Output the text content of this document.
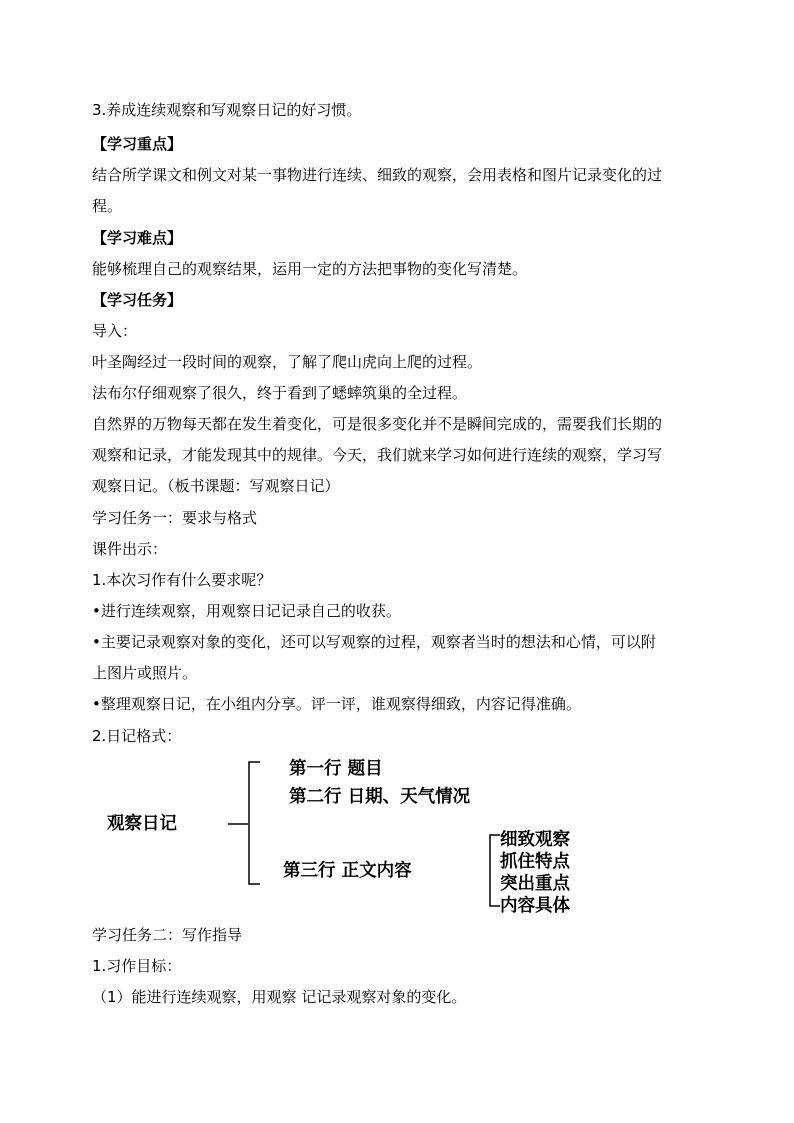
3.养成连续观察和写观察日记的好习惯。
【学习重点】
结合所学课文和例文对某一事物进行连续、细致的观察，会用表格和图片记录变化的过
程。
【学习难点】
能够梳理自己的观察结果，运用一定的方法把事物的变化写清楚。
【学习任务】
导入：
叶圣陶经过一段时间的观察，了解了爬山虎向上爬的过程。
法布尔仔细观察了很久，终于看到了蟋蟀筑巢的全过程。
自然界的万物每天都在发生着变化，可是很多变化并不是瞬间完成的，需要我们长期的
观察和记录，才能发现其中的规律。今天，我们就来学习如何进行连续的观察，学习写
观察日记。（板书课题：写观察日记）
学习任务一：要求与格式
课件出示：
1.本次习作有什么要求呢？
•进行连续观察，用观察日记记录自己的收获。
•主要记录观察对象的变化，还可以写观察的过程，观察者当时的想法和心情，可以附
上图片或照片。
•整理观察日记，在小组内分享。评一评，谁观察得细致，内容记得准确。
2.日记格式：
观察日记
第一行 题目
第二行 日期、天气情况
第三行 正文内容
细致观察
抓住特点
突出重点
内容具体
学习任务二：写作指导
1.习作目标：
（1）能进行连续观察，用观察 记记录观察对象的变化。
